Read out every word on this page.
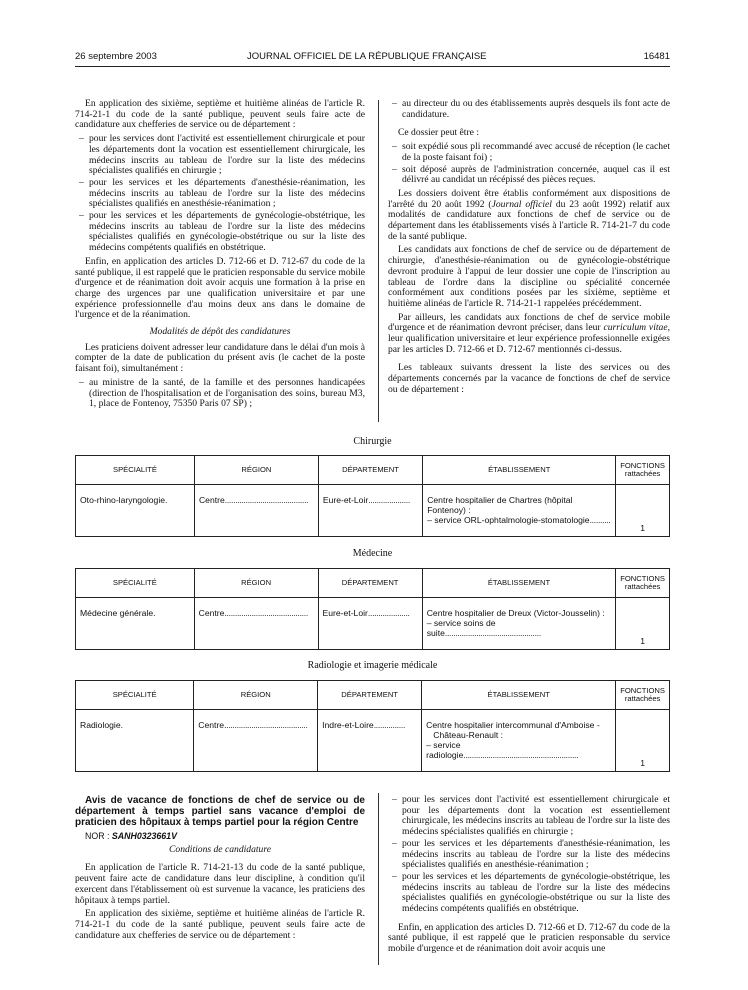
26 septembre 2003	JOURNAL OFFICIEL DE LA RÉPUBLIQUE FRANÇAISE	16481

En application des sixième, septième et huitième alinéas de l'article R. 714-21-1 du code de la santé publique, peuvent seuls faire acte de candidature aux chefferies de service ou de département :

– pour les services dont l'activité est essentiellement chirurgicale et pour les départements dont la vocation est essentiellement chirurgicale, les médecins inscrits au tableau de l'ordre sur la liste des médecins spécialistes qualifiés en chirurgie ;
– pour les services et les départements d'anesthésie-réanimation, les médecins inscrits au tableau de l'ordre sur la liste des médecins spécialistes qualifiés en anesthésie-réanimation ;
– pour les services et les départements de gynécologie-obstétrique, les médecins inscrits au tableau de l'ordre sur la liste des médecins spécialistes qualifiés en gynécologie-obstétrique ou sur la liste des médecins compétents qualifiés en obstétrique.

Enfin, en application des articles D. 712-66 et D. 712-67 du code de la santé publique, il est rappelé que le praticien responsable du service mobile d'urgence et de réanimation doit avoir acquis une formation à la prise en charge des urgences par une qualification universitaire et par une expérience professionnelle d'au moins deux ans dans le domaine de l'urgence et de la réanimation.

Modalités de dépôt des candidatures

Les praticiens doivent adresser leur candidature dans le délai d'un mois à compter de la date de publication du présent avis (le cachet de la poste faisant foi), simultanément :

– au ministre de la santé, de la famille et des personnes handicapées (direction de l'hospitalisation et de l'organisation des soins, bureau M3, 1, place de Fontenoy, 75350 Paris 07 SP) ;
– au directeur du ou des établissements auprès desquels ils font acte de candidature.

Ce dossier peut être :

– soit expédié sous pli recommandé avec accusé de réception (le cachet de la poste faisant foi) ;
– soit déposé auprès de l'administration concernée, auquel cas il est délivré au candidat un récépissé des pièces reçues.

Les dossiers doivent être établis conformément aux dispositions de l'arrêté du 20 août 1992 (Journal officiel du 23 août 1992) relatif aux modalités de candidature aux fonctions de chef de service ou de département dans les établissements visés à l'article R. 714-21-7 du code de la santé publique.

Les candidats aux fonctions de chef de service ou de département de chirurgie, d'anesthésie-réanimation ou de gynécologie-obstétrique devront produire à l'appui de leur dossier une copie de l'inscription au tableau de l'ordre dans la discipline ou spécialité concernée conformément aux conditions posées par les sixième, septième et huitième alinéas de l'article R. 714-21-1 rappelées précédemment.

Par ailleurs, les candidats aux fonctions de chef de service mobile d'urgence et de réanimation devront préciser, dans leur curriculum vitae, leur qualification universitaire et leur expérience professionnelle exigées par les articles D. 712-66 et D. 712-67 mentionnés ci-dessus.

Les tableaux suivants dressent la liste des services ou des départements concernés par la vacance de fonctions de chef de service ou de département :

Chirurgie
SPÉCIALITÉ	RÉGION	DÉPARTEMENT	ÉTABLISSEMENT	FONCTIONS
rattachées
Oto-rhino-laryngologie.	Centre........................................	Eure-et-Loir....................	Centre hospitalier de Chartres (hôpital Fontenoy) :
– service ORL-ophtalmologie-stomatologie..........	1
Médecine
SPÉCIALITÉ	RÉGION	DÉPARTEMENT	ÉTABLISSEMENT	FONCTIONS
rattachées
Médecine générale.	Centre........................................	Eure-et-Loir....................	Centre hospitalier de Dreux (Victor-Jousselin) :
– service soins de suite..............................................	1
Radiologie et imagerie médicale
SPÉCIALITÉ	RÉGION	DÉPARTEMENT	ÉTABLISSEMENT	FONCTIONS
rattachées
Radiologie.	Centre........................................	Indre-et-Loire...............	Centre hospitalier intercommunal d'Amboise -
Château-Renault :
– service radiologie.......................................................	1

Avis de vacance de fonctions de chef de service ou de département à temps partiel sans vacance d'emploi de praticien des hôpitaux à temps partiel pour la région Centre

NOR : SANH0323661V

Conditions de candidature

En application de l'article R. 714-21-13 du code de la santé publique, peuvent faire acte de candidature dans leur discipline, à condition qu'il exercent dans l'établissement où est survenue la vacance, les praticiens des hôpitaux à temps partiel.

En application des sixième, septième et huitième alinéas de l'article R. 714-21-1 du code de la santé publique, peuvent seuls faire acte de candidature aux chefferies de service ou de département :

– pour les services dont l'activité est essentiellement chirurgicale et pour les départements dont la vocation est essentiellement chirurgicale, les médecins inscrits au tableau de l'ordre sur la liste des médecins spécialistes qualifiés en chirurgie ;
– pour les services et les départements d'anesthésie-réanimation, les médecins inscrits au tableau de l'ordre sur la liste des médecins spécialistes qualifiés en anesthésie-réanimation ;
– pour les services et les départements de gynécologie-obstétrique, les médecins inscrits au tableau de l'ordre sur la liste des médecins spécialistes qualifiés en gynécologie-obstétrique ou sur la liste des médecins compétents qualifiés en obstétrique.

Enfin, en application des articles D. 712-66 et D. 712-67 du code de la santé publique, il est rappelé que le praticien responsable du service mobile d'urgence et de réanimation doit avoir acquis une
